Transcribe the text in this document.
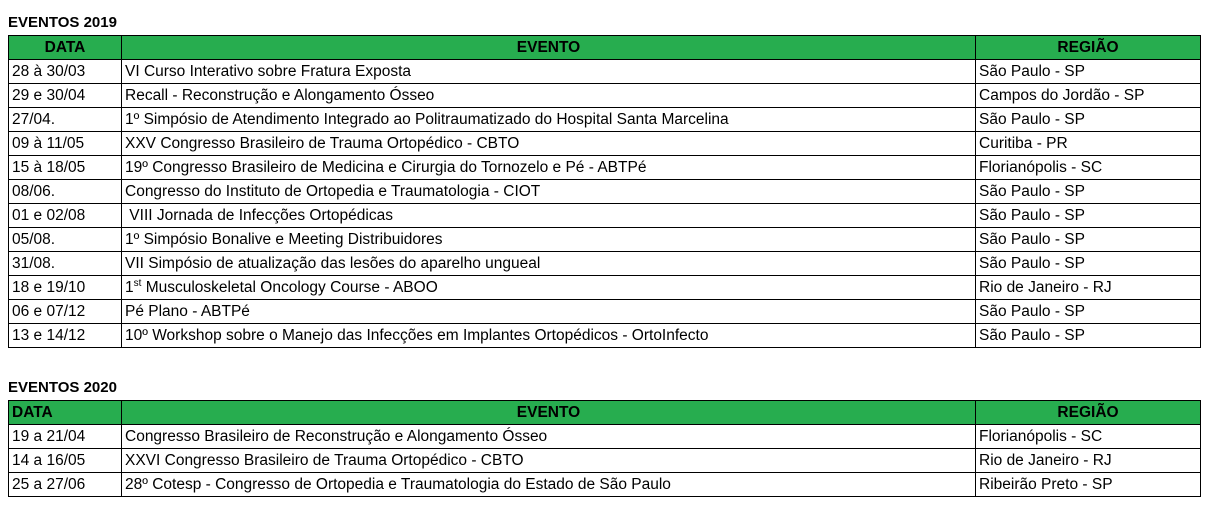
EVENTOS 2019
DATA	EVENTO	REGIÃO
28 à 30/03	VI Curso Interativo sobre Fratura Exposta	São Paulo - SP
29 e 30/04	Recall - Reconstrução e Alongamento Ósseo	Campos do Jordão - SP
27/04.	1º Simpósio de Atendimento Integrado ao Politraumatizado do Hospital Santa Marcelina	São Paulo - SP
09 à 11/05	XXV Congresso Brasileiro de Trauma Ortopédico - CBTO	Curitiba - PR
15 à 18/05	19º Congresso Brasileiro de Medicina e Cirurgia do Tornozelo e Pé - ABTPé	Florianópolis - SC
08/06.	Congresso do Instituto de Ortopedia e Traumatologia - CIOT	São Paulo - SP
01 e 02/08	VIII Jornada de Infecções Ortopédicas	São Paulo - SP
05/08.	1º Simpósio Bonalive e Meeting Distribuidores	São Paulo - SP
31/08.	VII Simpósio de atualização das lesões do aparelho ungueal	São Paulo - SP
18 e 19/10	1st Musculoskeletal Oncology Course - ABOO	Rio de Janeiro - RJ
06 e 07/12	Pé Plano - ABTPé	São Paulo - SP
13 e 14/12	10º Workshop sobre o Manejo das Infecções em Implantes Ortopédicos - OrtoInfecto	São Paulo - SP
EVENTOS 2020
DATA	EVENTO	REGIÃO
19 a 21/04	Congresso Brasileiro de Reconstrução e Alongamento Ósseo	Florianópolis - SC
14 a 16/05	XXVI Congresso Brasileiro de Trauma Ortopédico - CBTO	Rio de Janeiro - RJ
25 a 27/06	28º Cotesp - Congresso de Ortopedia e Traumatologia do Estado de São Paulo	Ribeirão Preto - SP
